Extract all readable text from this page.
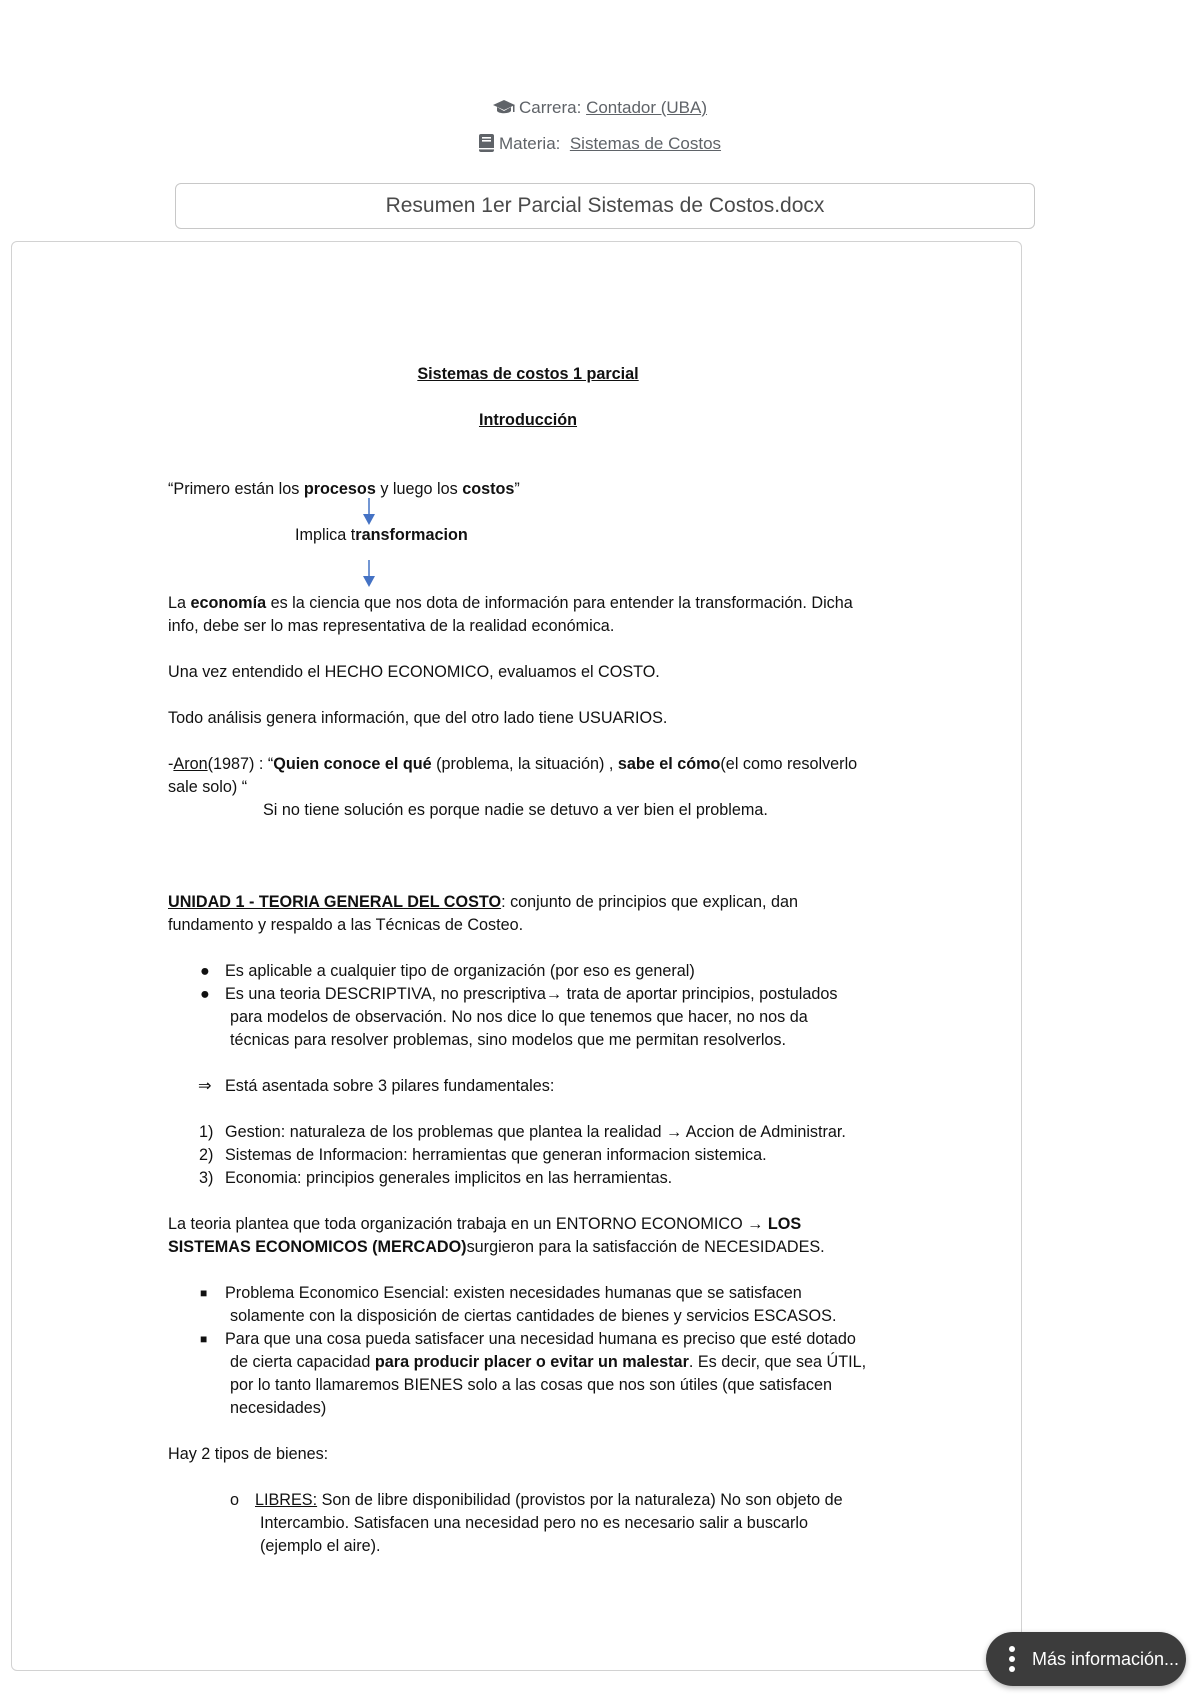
Carrera: Contador (UBA)
Materia: Sistemas de Costos
Resumen 1er Parcial Sistemas de Costos.docx
Sistemas de costos 1 parcial
Introducción
“Primero están los procesos y luego los costos”
Implica transformacion
La economía es la ciencia que nos dota de información para entender la transformación. Dicha
info, debe ser lo mas representativa de la realidad económica.
Una vez entendido el HECHO ECONOMICO, evaluamos el COSTO.
Todo análisis genera información, que del otro lado tiene USUARIOS.
-Aron(1987) : “Quien conoce el qué (problema, la situación) , sabe el cómo(el como resolverlo
sale solo) “
Si no tiene solución es porque nadie se detuvo a ver bien el problema.
UNIDAD 1 - TEORIA GENERAL DEL COSTO: conjunto de principios que explican, dan
fundamento y respaldo a las Técnicas de Costeo.
● Es aplicable a cualquier tipo de organización (por eso es general)
● Es una teoria DESCRIPTIVA, no prescriptiva→ trata de aportar principios, postulados
para modelos de observación. No nos dice lo que tenemos que hacer, no nos da
técnicas para resolver problemas, sino modelos que me permitan resolverlos.
⇒ Está asentada sobre 3 pilares fundamentales:
1) Gestion: naturaleza de los problemas que plantea la realidad → Accion de Administrar.
2) Sistemas de Informacion: herramientas que generan informacion sistemica.
3) Economia: principios generales implicitos en las herramientas.
La teoria plantea que toda organización trabaja en un ENTORNO ECONOMICO → LOS
SISTEMAS ECONOMICOS (MERCADO)surgieron para la satisfacción de NECESIDADES.
■ Problema Economico Esencial: existen necesidades humanas que se satisfacen
solamente con la disposición de ciertas cantidades de bienes y servicios ESCASOS.
■ Para que una cosa pueda satisfacer una necesidad humana es preciso que esté dotado
de cierta capacidad para producir placer o evitar un malestar. Es decir, que sea ÚTIL,
por lo tanto llamaremos BIENES solo a las cosas que nos son útiles (que satisfacen
necesidades)
Hay 2 tipos de bienes:
o LIBRES: Son de libre disponibilidad (provistos por la naturaleza) No son objeto de
Intercambio. Satisfacen una necesidad pero no es necesario salir a buscarlo
(ejemplo el aire).
Más información...
